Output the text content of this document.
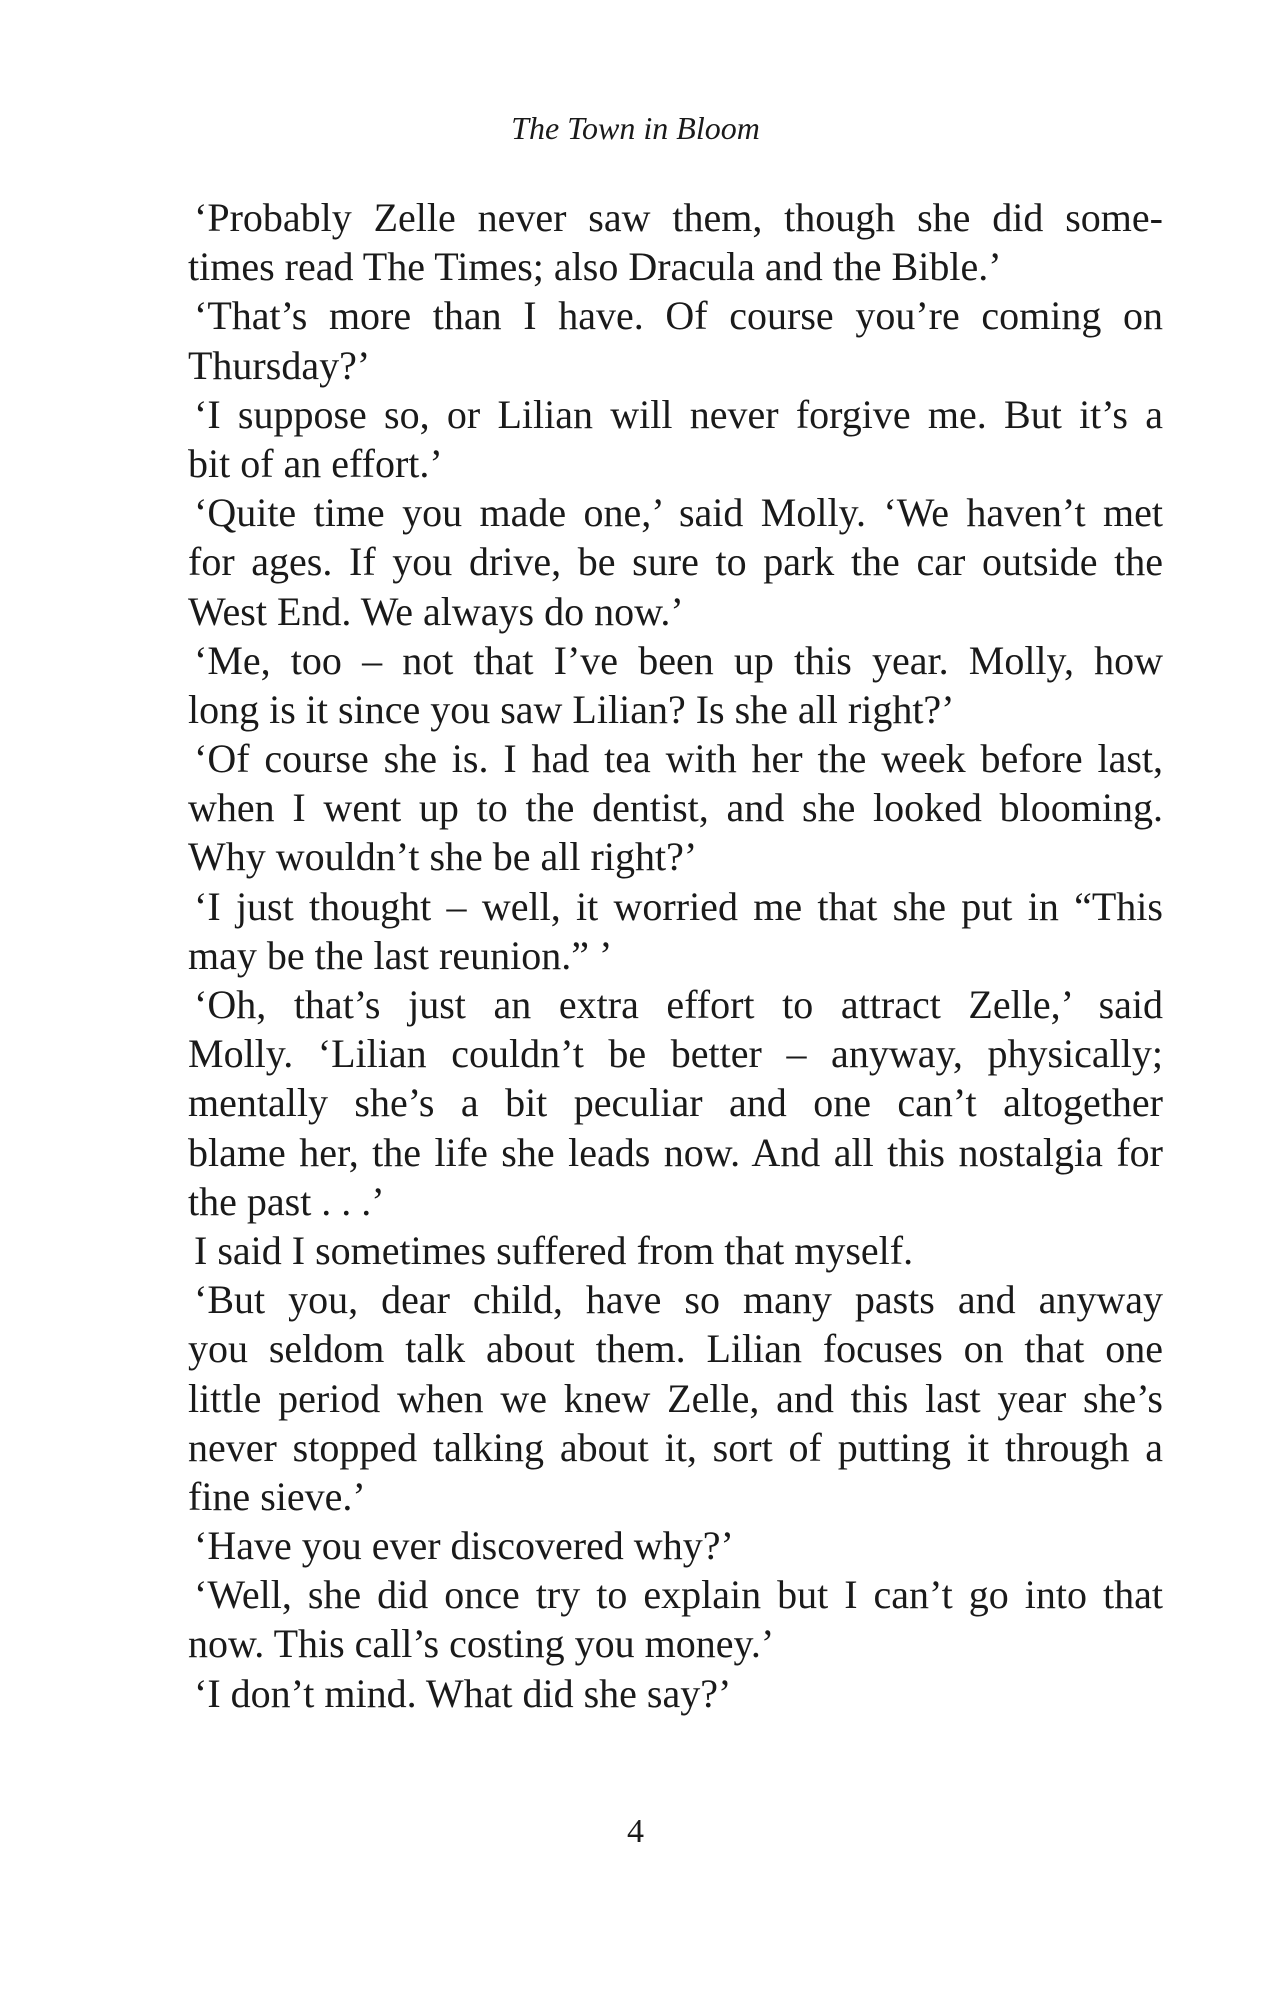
The Town in Bloom
‘Probably Zelle never saw them, though she did some-
times read The Times; also Dracula and the Bible.’
‘That’s more than I have. Of course you’re coming on
Thursday?’
‘I suppose so, or Lilian will never forgive me. But it’s a
bit of an effort.’
‘Quite time you made one,’ said Molly. ‘We haven’t met
for ages. If you drive, be sure to park the car outside the
West End. We always do now.’
‘Me, too – not that I’ve been up this year. Molly, how
long is it since you saw Lilian? Is she all right?’
‘Of course she is. I had tea with her the week before last,
when I went up to the dentist, and she looked blooming.
Why wouldn’t she be all right?’
‘I just thought – well, it worried me that she put in “This
may be the last reunion.” ’
‘Oh, that’s just an extra effort to attract Zelle,’ said
Molly. ‘Lilian couldn’t be better – anyway, physically;
mentally she’s a bit peculiar and one can’t altogether
blame her, the life she leads now. And all this nostalgia for
the past . . .’
I said I sometimes suffered from that myself.
‘But you, dear child, have so many pasts and anyway
you seldom talk about them. Lilian focuses on that one
little period when we knew Zelle, and this last year she’s
never stopped talking about it, sort of putting it through a
fine sieve.’
‘Have you ever discovered why?’
‘Well, she did once try to explain but I can’t go into that
now. This call’s costing you money.’
‘I don’t mind. What did she say?’
4
